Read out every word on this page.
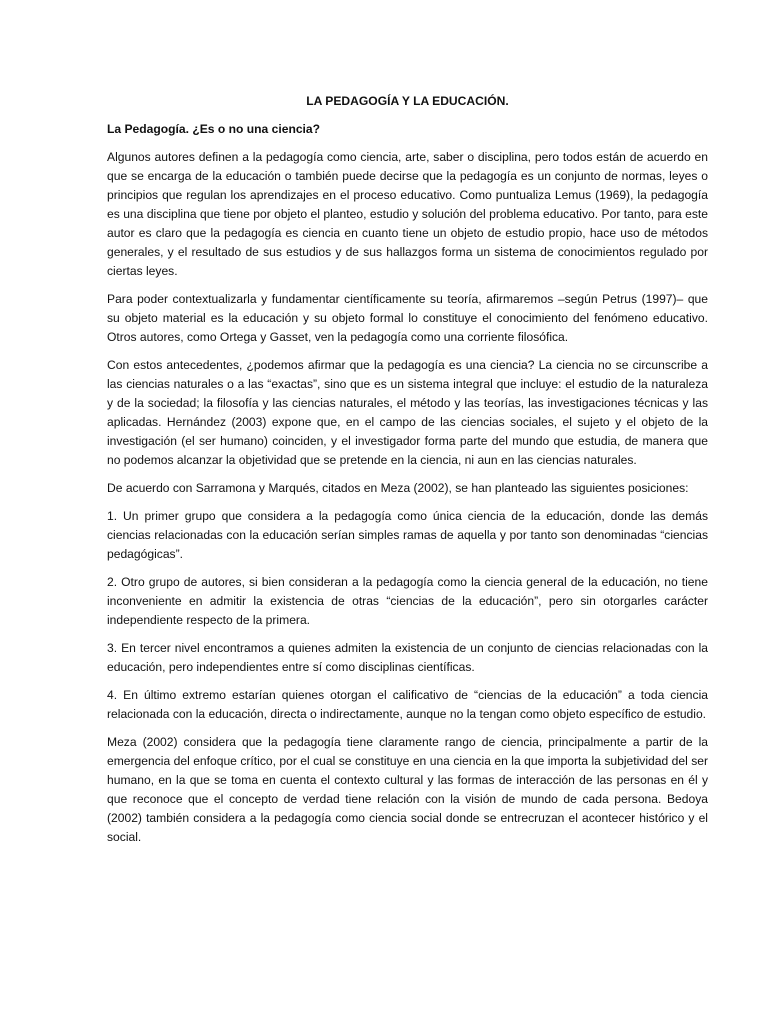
LA PEDAGOGÍA Y LA EDUCACIÓN.
La Pedagogía. ¿Es o no una ciencia?

Algunos autores definen a la pedagogía como ciencia, arte, saber o disciplina, pero todos están de acuerdo en que se encarga de la educación o también puede decirse que la pedagogía es un conjunto de normas, leyes o principios que regulan los aprendizajes en el proceso educativo. Como puntualiza Lemus (1969), la pedagogía es una disciplina que tiene por objeto el planteo, estudio y solución del problema educativo. Por tanto, para este autor es claro que la pedagogía es ciencia en cuanto tiene un objeto de estudio propio, hace uso de métodos generales, y el resultado de sus estudios y de sus hallazgos forma un sistema de conocimientos regulado por ciertas leyes.

Para poder contextualizarla y fundamentar científicamente su teoría, afirmaremos –según Petrus (1997)– que su objeto material es la educación y su objeto formal lo constituye el conocimiento del fenómeno educativo. Otros autores, como Ortega y Gasset, ven la pedagogía como una corriente filosófica.

Con estos antecedentes, ¿podemos afirmar que la pedagogía es una ciencia? La ciencia no se circunscribe a las ciencias naturales o a las “exactas”, sino que es un sistema integral que incluye: el estudio de la naturaleza y de la sociedad; la filosofía y las ciencias naturales, el método y las teorías, las investigaciones técnicas y las aplicadas. Hernández (2003) expone que, en el campo de las ciencias sociales, el sujeto y el objeto de la investigación (el ser humano) coinciden, y el investigador forma parte del mundo que estudia, de manera que no podemos alcanzar la objetividad que se pretende en la ciencia, ni aun en las ciencias naturales.

De acuerdo con Sarramona y Marqués, citados en Meza (2002), se han planteado las siguientes posiciones:

1. Un primer grupo que considera a la pedagogía como única ciencia de la educación, donde las demás ciencias relacionadas con la educación serían simples ramas de aquella y por tanto son denominadas “ciencias pedagógicas”.

2. Otro grupo de autores, si bien consideran a la pedagogía como la ciencia general de la educación, no tiene inconveniente en admitir la existencia de otras “ciencias de la educación”, pero sin otorgarles carácter independiente respecto de la primera.

3. En tercer nivel encontramos a quienes admiten la existencia de un conjunto de ciencias relacionadas con la educación, pero independientes entre sí como disciplinas científicas.

4. En último extremo estarían quienes otorgan el calificativo de “ciencias de la educación” a toda ciencia relacionada con la educación, directa o indirectamente, aunque no la tengan como objeto específico de estudio.

Meza (2002) considera que la pedagogía tiene claramente rango de ciencia, principalmente a partir de la emergencia del enfoque crítico, por el cual se constituye en una ciencia en la que importa la subjetividad del ser humano, en la que se toma en cuenta el contexto cultural y las formas de interacción de las personas en él y que reconoce que el concepto de verdad tiene relación con la visión de mundo de cada persona. Bedoya (2002) también considera a la pedagogía como ciencia social donde se entrecruzan el acontecer histórico y el social.
